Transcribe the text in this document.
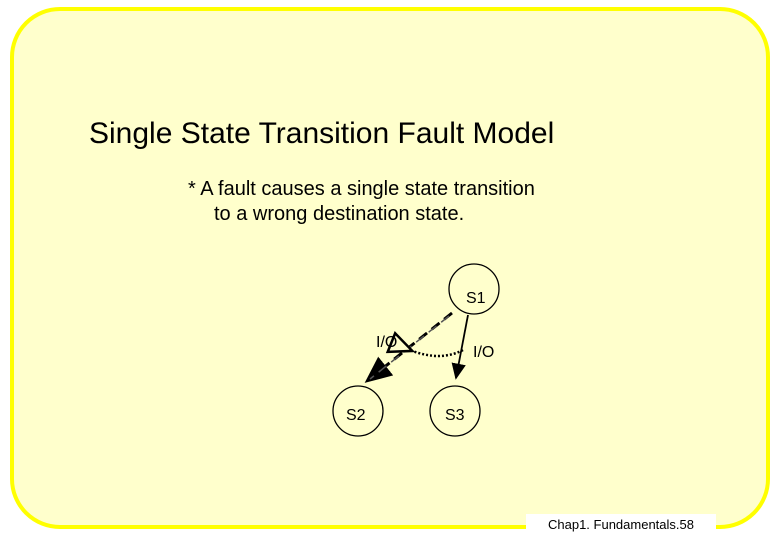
Single State Transition Fault Model
* A fault causes a single state transition
to a wrong destination state.
S1
S2	S3
I/O
I/O
Chap1. Fundamentals.58
